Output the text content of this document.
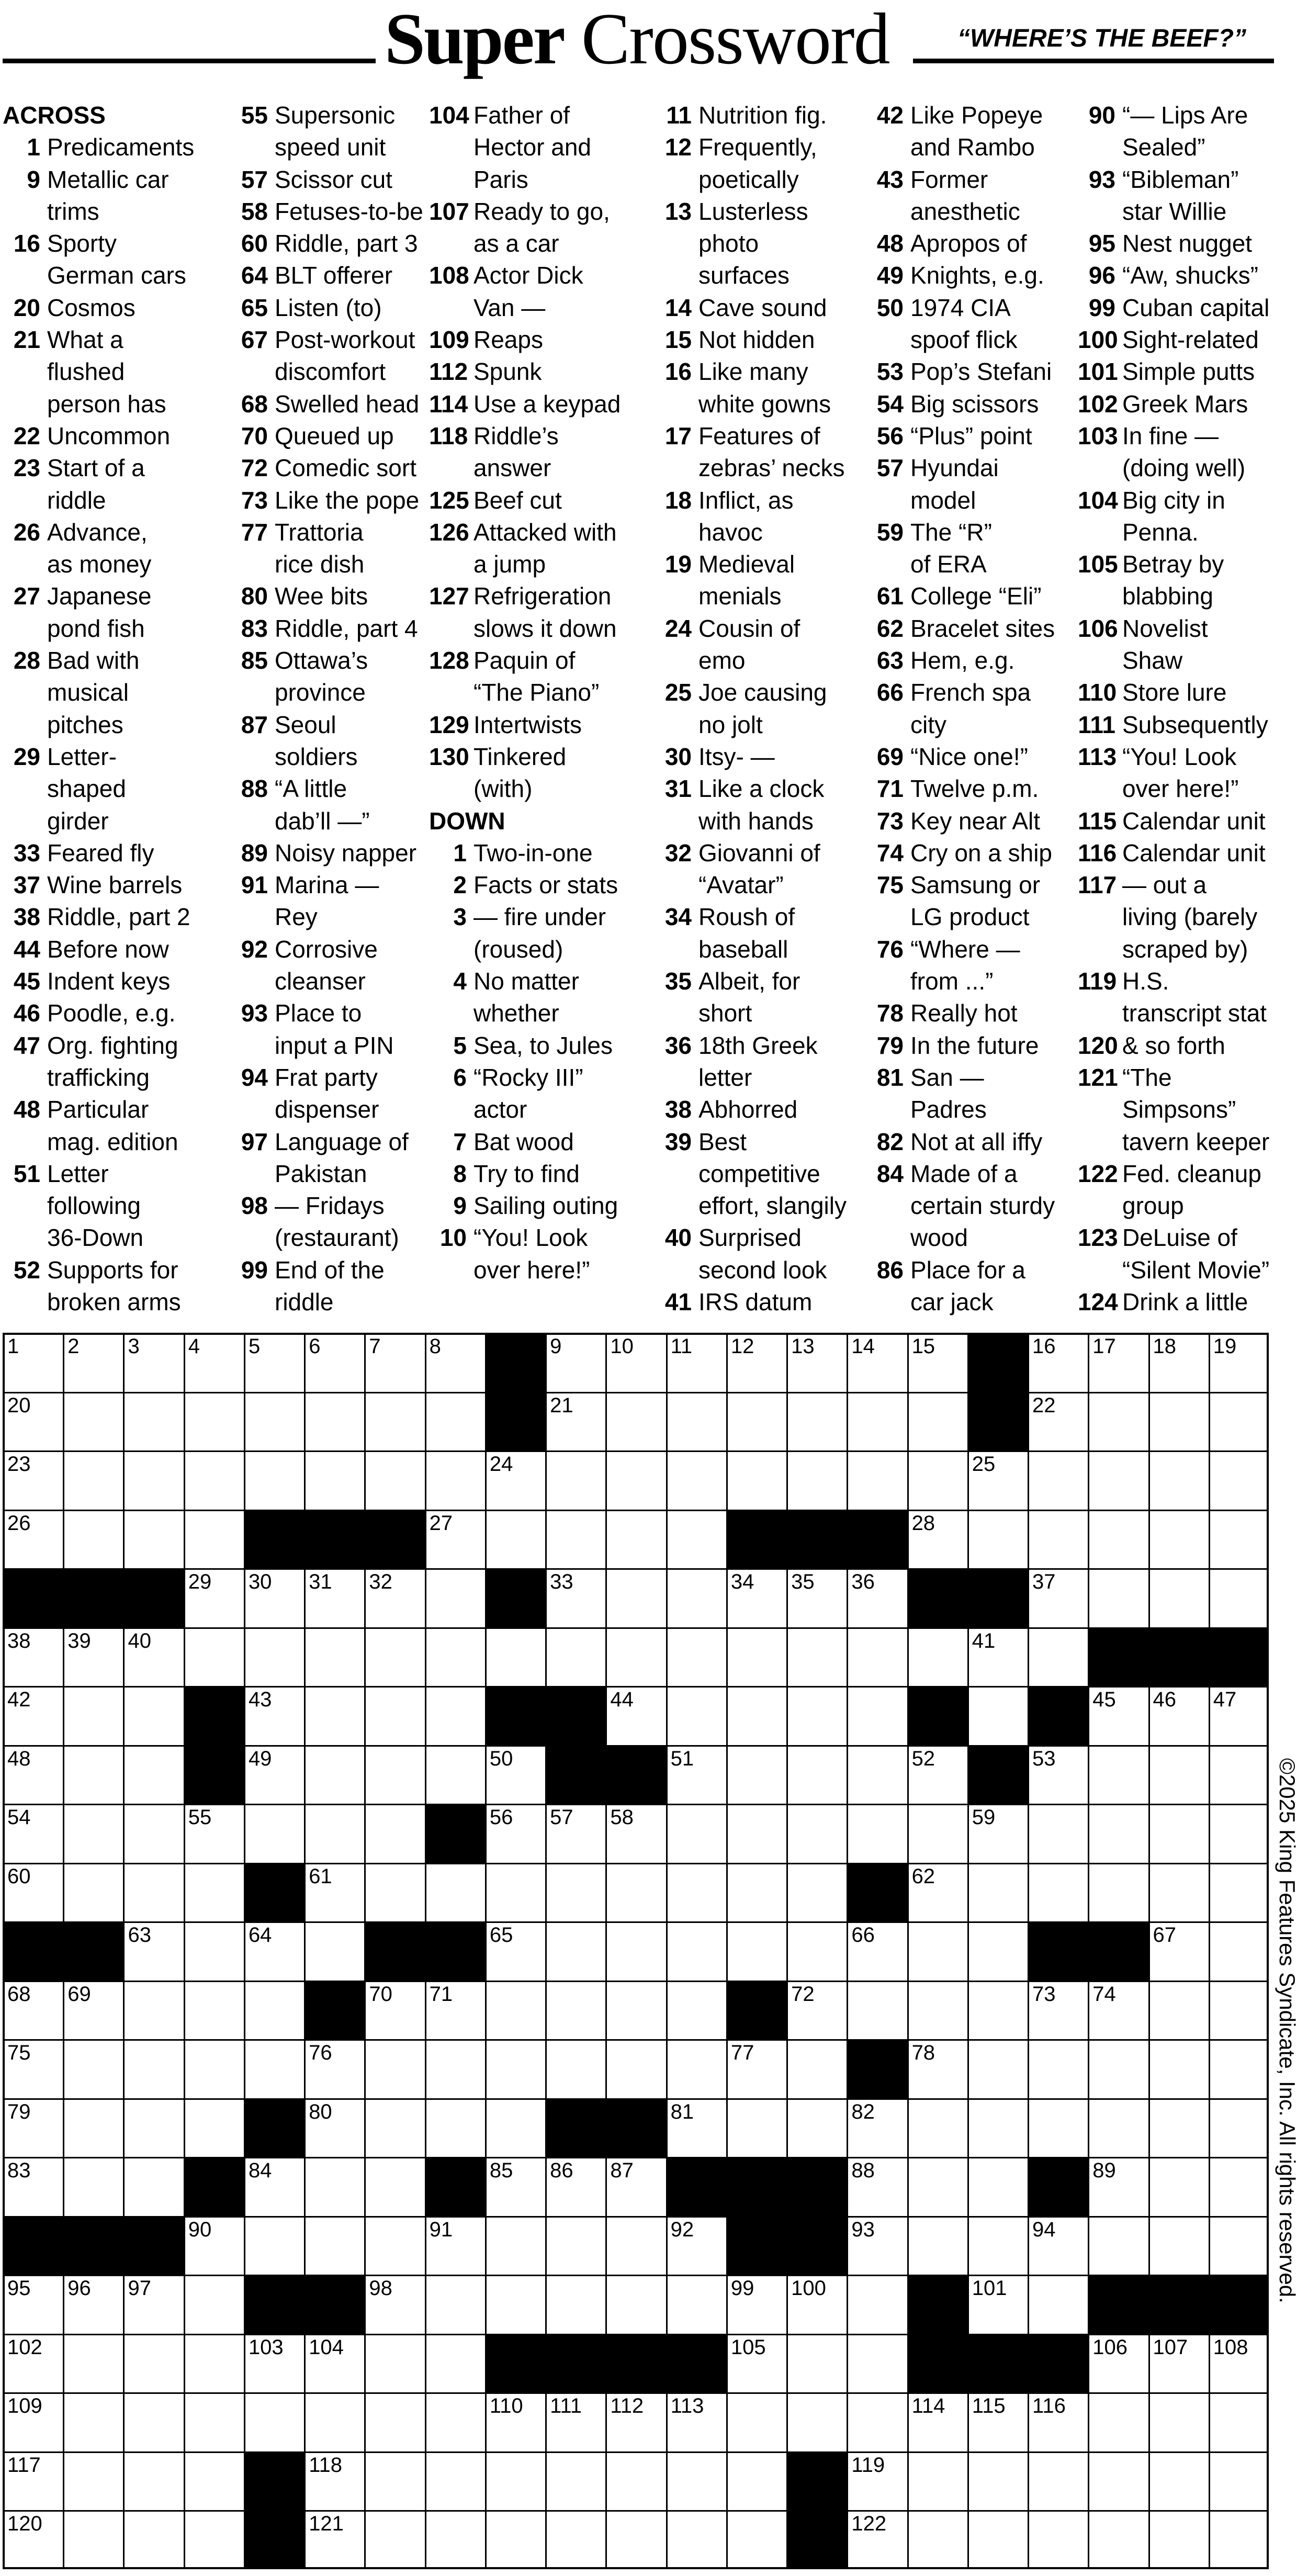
Super Crossword	“WHERE’S THE BEEF?”
ACROSS
1 Predicaments
9 Metallic car
trims
16 Sporty
German cars
20 Cosmos
21 What a
flushed
person has
22 Uncommon
23 Start of a
riddle
26 Advance,
as money
27 Japanese
pond fish
28 Bad with
musical
pitches
29 Letter-
shaped
girder
33 Feared fly
37 Wine barrels
38 Riddle, part 2
44 Before now
45 Indent keys
46 Poodle, e.g.
47 Org. fighting
trafficking
48 Particular
mag. edition
51 Letter
following
36-Down
52 Supports for
broken arms
55 Supersonic
speed unit
57 Scissor cut
58 Fetuses-to-be
60 Riddle, part 3
64 BLT offerer
65 Listen (to)
67 Post-workout
discomfort
68 Swelled head
70 Queued up
72 Comedic sort
73 Like the pope
77 Trattoria
rice dish
80 Wee bits
83 Riddle, part 4
85 Ottawa’s
province
87 Seoul
soldiers
88 “A little
dab’ll —”
89 Noisy napper
91 Marina —
Rey
92 Corrosive
cleanser
93 Place to
input a PIN
94 Frat party
dispenser
97 Language of
Pakistan
98 — Fridays
(restaurant)
99 End of the
riddle
104 Father of
Hector and
Paris
107 Ready to go,
as a car
108 Actor Dick
Van —
109 Reaps
112 Spunk
114 Use a keypad
118 Riddle’s
answer
125 Beef cut
126 Attacked with
a jump
127 Refrigeration
slows it down
128 Paquin of
“The Piano”
129 Intertwists
130 Tinkered
(with)
DOWN
1 Two-in-one
2 Facts or stats
3 — fire under
(roused)
4 No matter
whether
5 Sea, to Jules
6 “Rocky III”
actor
7 Bat wood
8 Try to find
9 Sailing outing
10 “You! Look
over here!”
11 Nutrition fig.
12 Frequently,
poetically
13 Lusterless
photo
surfaces
14 Cave sound
15 Not hidden
16 Like many
white gowns
17 Features of
zebras’ necks
18 Inflict, as
havoc
19 Medieval
menials
24 Cousin of
emo
25 Joe causing
no jolt
30 Itsy- —
31 Like a clock
with hands
32 Giovanni of
“Avatar”
34 Roush of
baseball
35 Albeit, for
short
36 18th Greek
letter
38 Abhorred
39 Best
competitive
effort, slangily
40 Surprised
second look
41 IRS datum
42 Like Popeye
and Rambo
43 Former
anesthetic
48 Apropos of
49 Knights, e.g.
50 1974 CIA
spoof flick
53 Pop’s Stefani
54 Big scissors
56 “Plus” point
57 Hyundai
model
59 The “R”
of ERA
61 College “Eli”
62 Bracelet sites
63 Hem, e.g.
66 French spa
city
69 “Nice one!”
71 Twelve p.m.
73 Key near Alt
74 Cry on a ship
75 Samsung or
LG product
76 “Where —
from ...”
78 Really hot
79 In the future
81 San —
Padres
82 Not at all iffy
84 Made of a
certain sturdy
wood
86 Place for a
car jack
90 “— Lips Are
Sealed”
93 “Bibleman”
star Willie
95 Nest nugget
96 “Aw, shucks”
99 Cuban capital
100 Sight-related
101 Simple putts
102 Greek Mars
103 In fine —
(doing well)
104 Big city in
Penna.
105 Betray by
blabbing
106 Novelist
Shaw
110 Store lure
111 Subsequently
113 “You! Look
over here!”
115 Calendar unit
116 Calendar unit
117 — out a
living (barely
scraped by)
119 H.S.
transcript stat
120 & so forth
121 “The
Simpsons”
tavern keeper
122 Fed. cleanup
group
123 DeLuise of
“Silent Movie”
124 Drink a little
1 2 3 4 5 6 7 8	9 10 11 12 13 14 15	16 17 18 19
20	21	22
23	24	25
26	27	28
29 30 31 32	33	34 35 36	37
38 39 40	41
42	43	44	45 46 47
48	49	50	51	52	53
54	55	56 57 58	59
60	61	62
63	64	65	66	67
68 69	70 71	72	73 74
75	76	77	78
79	80	81	82
83	84	85 86 87	88	89
90	91	92	93	94
95 96 97	98	99 100	101
102	103 104	105	106 107 108
109	110 111 112 113	114 115 116
117	118	119
120	121	122
©2025 King Features Syndicate, Inc. All rights reserved.
